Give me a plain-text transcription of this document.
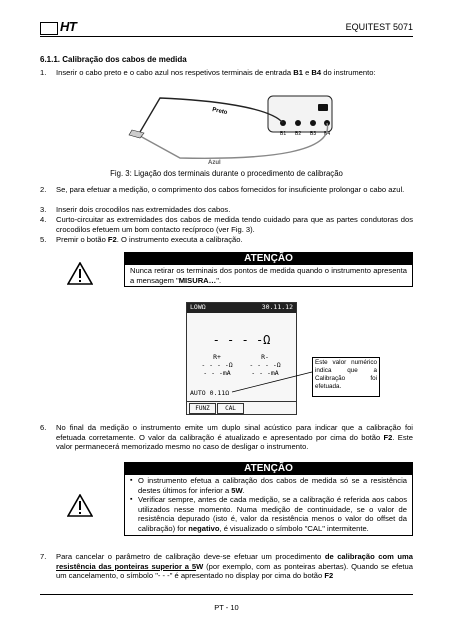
HT	EQUITEST 5071
6.1.1. Calibração dos cabos de medida
1. Inserir o cabo preto e o cabo azul nos respetivos terminais de entrada B1 e B4 do instrumento:
B1 B2 B3 B4
Preto
Azul
Fig. 3: Ligação dos terminais durante o procedimento de calibração
2. Se, para efetuar a medição, o comprimento dos cabos fornecidos for insuficiente prolongar o cabo azul.
3. Inserir dois crocodilos nas extremidades dos cabos.
4. Curto-circuitar as extremidades dos cabos de medida tendo cuidado para que as partes condutoras dos crocodilos efetuem um bom contacto recíproco (ver Fig. 3).
5. Premir o botão F2. O instrumento executa a calibração.
ATENÇÃO
Nunca retirar os terminais dos pontos de medida quando o instrumento apresenta a mensagem "MISURA…".
LOWΩ	30.11.12
- - - -Ω
R+
- - - -Ω
- - -mA
R-
- - - -Ω
- - -mA
AUTO 0.11Ω
FUNZ	CAL
Este valor numérico indica que a Calibração foi efetuada.
6. No final da medição o instrumento emite um duplo sinal acústico para indicar que a calibração foi efetuada corretamente. O valor da calibração é atualizado e apresentado por cima do botão F2. Este valor permanecerá memorizado mesmo no caso de desligar o instrumento.
ATENÇÃO
▪ O instrumento efetua a calibração dos cabos de medida só se a resistência destes últimos for inferior a 5W.
▪ Verificar sempre, antes de cada medição, se a calibração é referida aos cabos utilizados nesse momento. Numa medição de continuidade, se o valor de resistência depurado (isto é, valor da resistência menos o valor do offset da calibração) for negativo, é visualizado o símbolo "CAL" intermitente.
7. Para cancelar o parâmetro de calibração deve-se efetuar um procedimento de calibração com uma resistência das ponteiras superior a 5W (por exemplo, com as ponteiras abertas). Quando se efetua um cancelamento, o símbolo "- - -" é apresentado no display por cima do botão F2
PT - 10
